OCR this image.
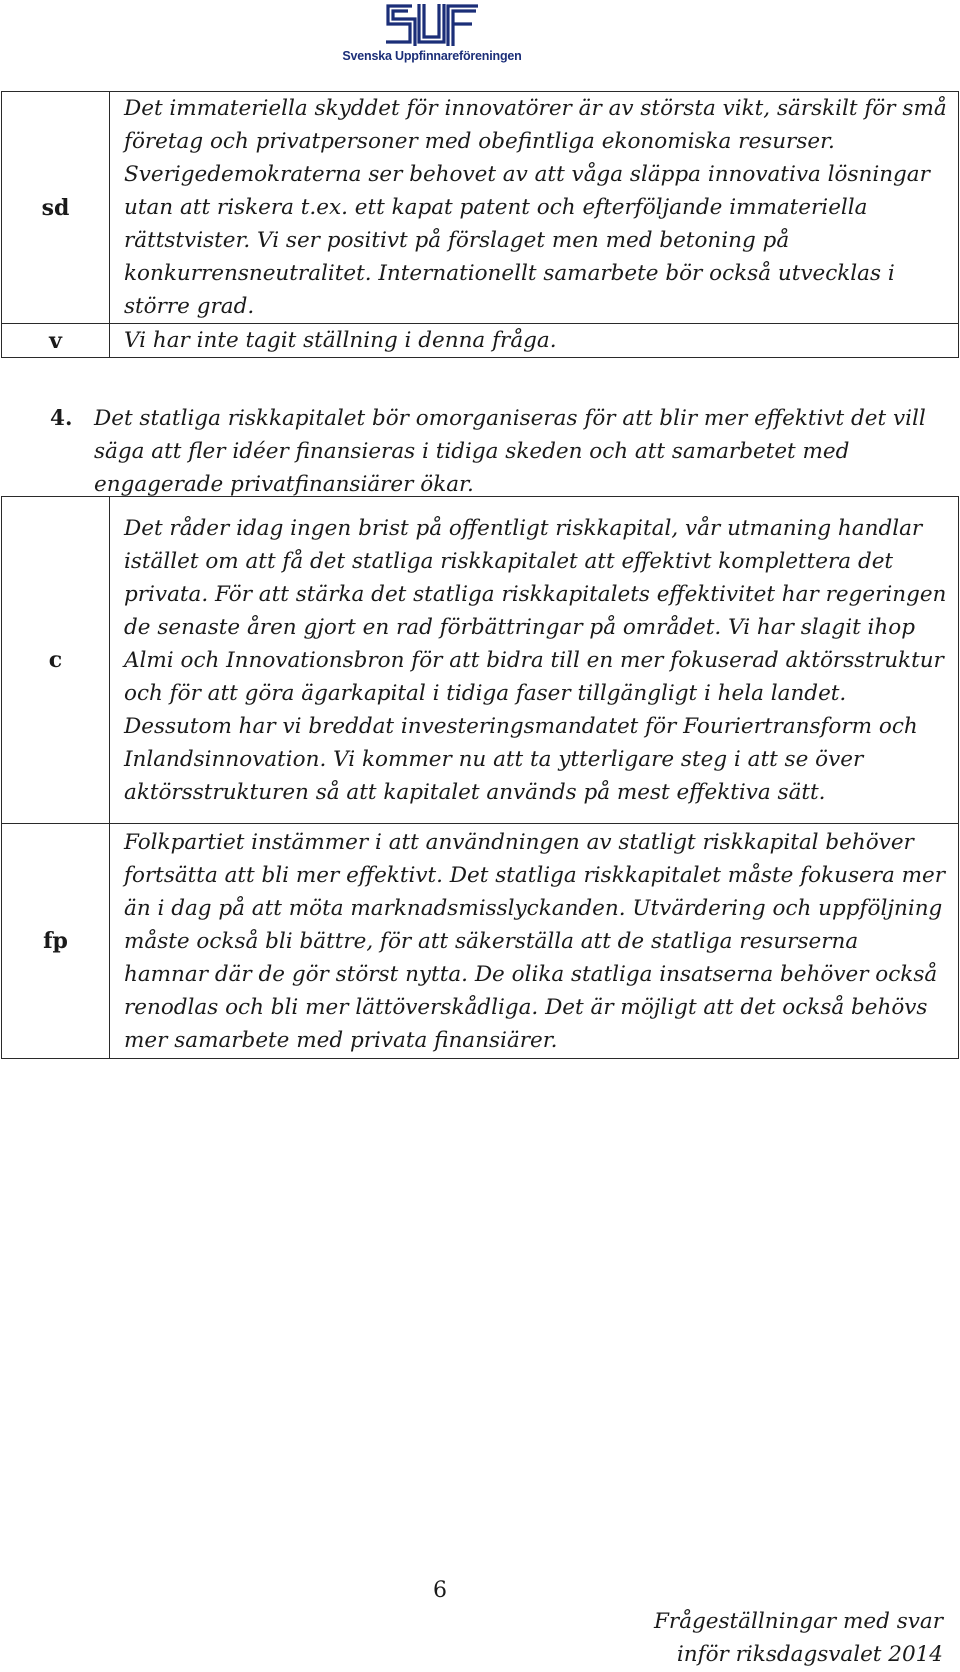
Svenska Uppfinnareföreningen
sd	Det immateriella skyddet för innovatörer är av största vikt, särskilt för små företag och privatpersoner med obefintliga ekonomiska resurser. Sverigedemokraterna ser behovet av att våga släppa innovativa lösningar utan att riskera t.ex. ett kapat patent och efterföljande immateriella rättstvister. Vi ser positivt på förslaget men med betoning på konkurrensneutralitet. Internationellt samarbete bör också utvecklas i större grad.
v	Vi har inte tagit ställning i denna fråga.
4. Det statliga riskkapitalet bör omorganiseras för att blir mer effektivt det vill säga att fler idéer finansieras i tidiga skeden och att samarbetet med engagerade privatfinansiärer ökar.
c	Det råder idag ingen brist på offentligt riskkapital, vår utmaning handlar istället om att få det statliga riskkapitalet att effektivt komplettera det privata. För att stärka det statliga riskkapitalets effektivitet har regeringen de senaste åren gjort en rad förbättringar på området. Vi har slagit ihop Almi och Innovationsbron för att bidra till en mer fokuserad aktörsstruktur och för att göra ägarkapital i tidiga faser tillgängligt i hela landet. Dessutom har vi breddat investeringsmandatet för Fouriertransform och Inlandsinnovation. Vi kommer nu att ta ytterligare steg i att se över aktörsstrukturen så att kapitalet används på mest effektiva sätt.
fp	Folkpartiet instämmer i att användningen av statligt riskkapital behöver fortsätta att bli mer effektivt. Det statliga riskkapitalet måste fokusera mer än i dag på att möta marknadsmisslyckanden. Utvärdering och uppföljning måste också bli bättre, för att säkerställa att de statliga resurserna hamnar där de gör störst nytta. De olika statliga insatserna behöver också renodlas och bli mer lättöverskådliga. Det är möjligt att det också behövs mer samarbete med privata finansiärer.
6
Frågeställningar med svar
inför riksdagsvalet 2014
